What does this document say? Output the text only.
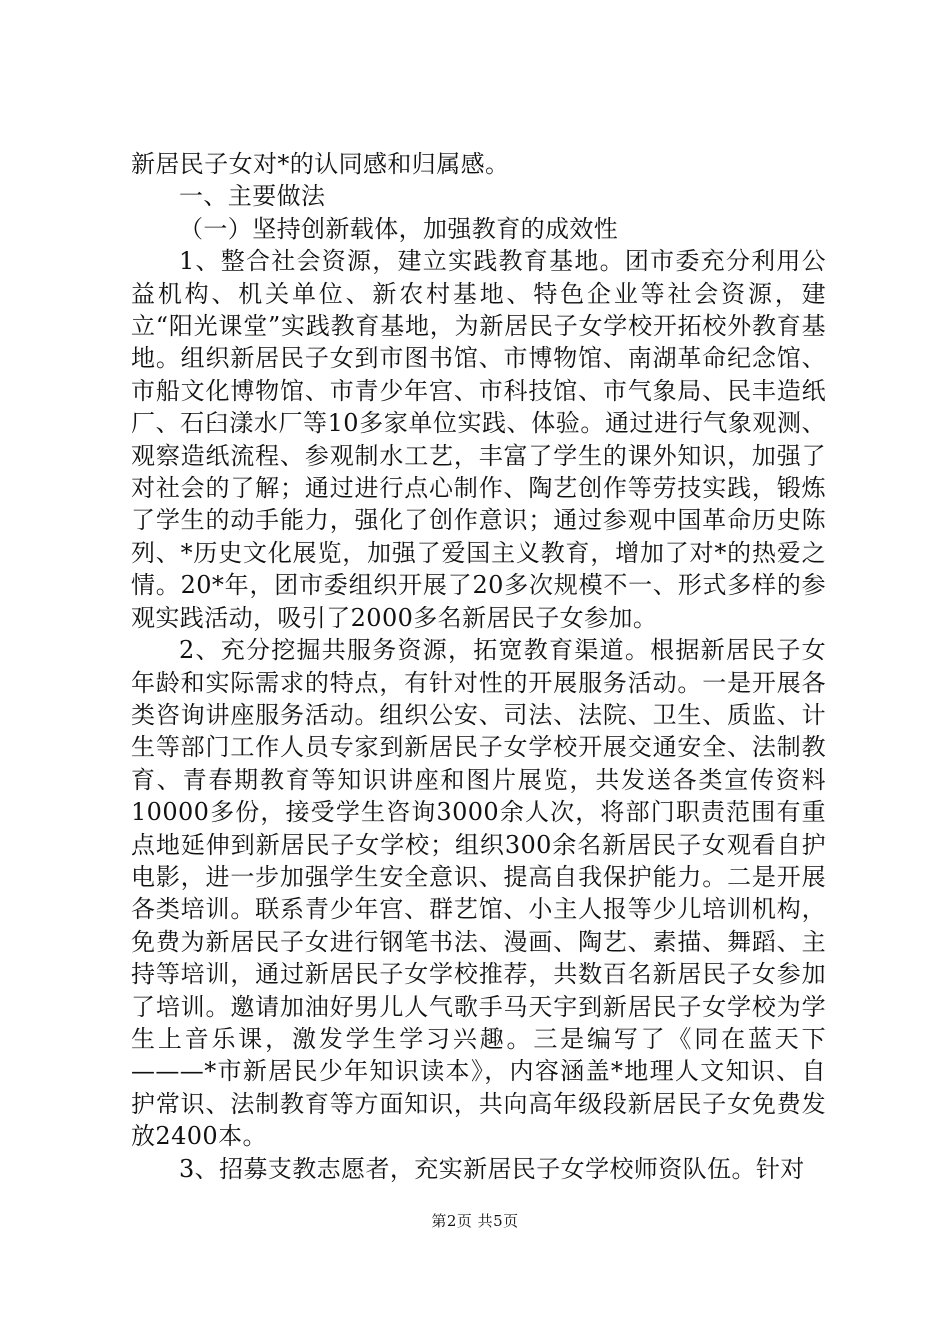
新居民子女对*的认同感和归属感。

一、主要做法

（一）坚持创新载体，加强教育的成效性

1、整合社会资源，建立实践教育基地。团市委充分利用公益机构、机关单位、新农村基地、特色企业等社会资源，建立“阳光课堂”实践教育基地，为新居民子女学校开拓校外教育基地。组织新居民子女到市图书馆、市博物馆、南湖革命纪念馆、市船文化博物馆、市青少年宫、市科技馆、市气象局、民丰造纸厂、石臼漾水厂等10多家单位实践、体验。通过进行气象观测、观察造纸流程、参观制水工艺，丰富了学生的课外知识，加强了对社会的了解；通过进行点心制作、陶艺创作等劳技实践，锻炼了学生的动手能力，强化了创作意识；通过参观中国革命历史陈列、*历史文化展览，加强了爱国主义教育，增加了对*的热爱之情。20*年，团市委组织开展了20多次规模不一、形式多样的参观实践活动，吸引了2000多名新居民子女参加。

2、充分挖掘共服务资源，拓宽教育渠道。根据新居民子女年龄和实际需求的特点，有针对性的开展服务活动。一是开展各类咨询讲座服务活动。组织公安、司法、法院、卫生、质监、计生等部门工作人员专家到新居民子女学校开展交通安全、法制教育、青春期教育等知识讲座和图片展览，共发送各类宣传资料10000多份，接受学生咨询3000余人次，将部门职责范围有重点地延伸到新居民子女学校；组织300余名新居民子女观看自护电影，进一步加强学生安全意识、提高自我保护能力。二是开展各类培训。联系青少年宫、群艺馆、小主人报等少儿培训机构，免费为新居民子女进行钢笔书法、漫画、陶艺、素描、舞蹈、主持等培训，通过新居民子女学校推荐，共数百名新居民子女参加了培训。邀请加油好男儿人气歌手马天宇到新居民子女学校为学生上音乐课，激发学生学习兴趣。三是编写了《同在蓝天下———*市新居民少年知识读本》，内容涵盖*地理人文知识、自护常识、法制教育等方面知识，共向高年级段新居民子女免费发放2400本。

3、招募支教志愿者，充实新居民子女学校师资队伍。针对

第2页 共5页
